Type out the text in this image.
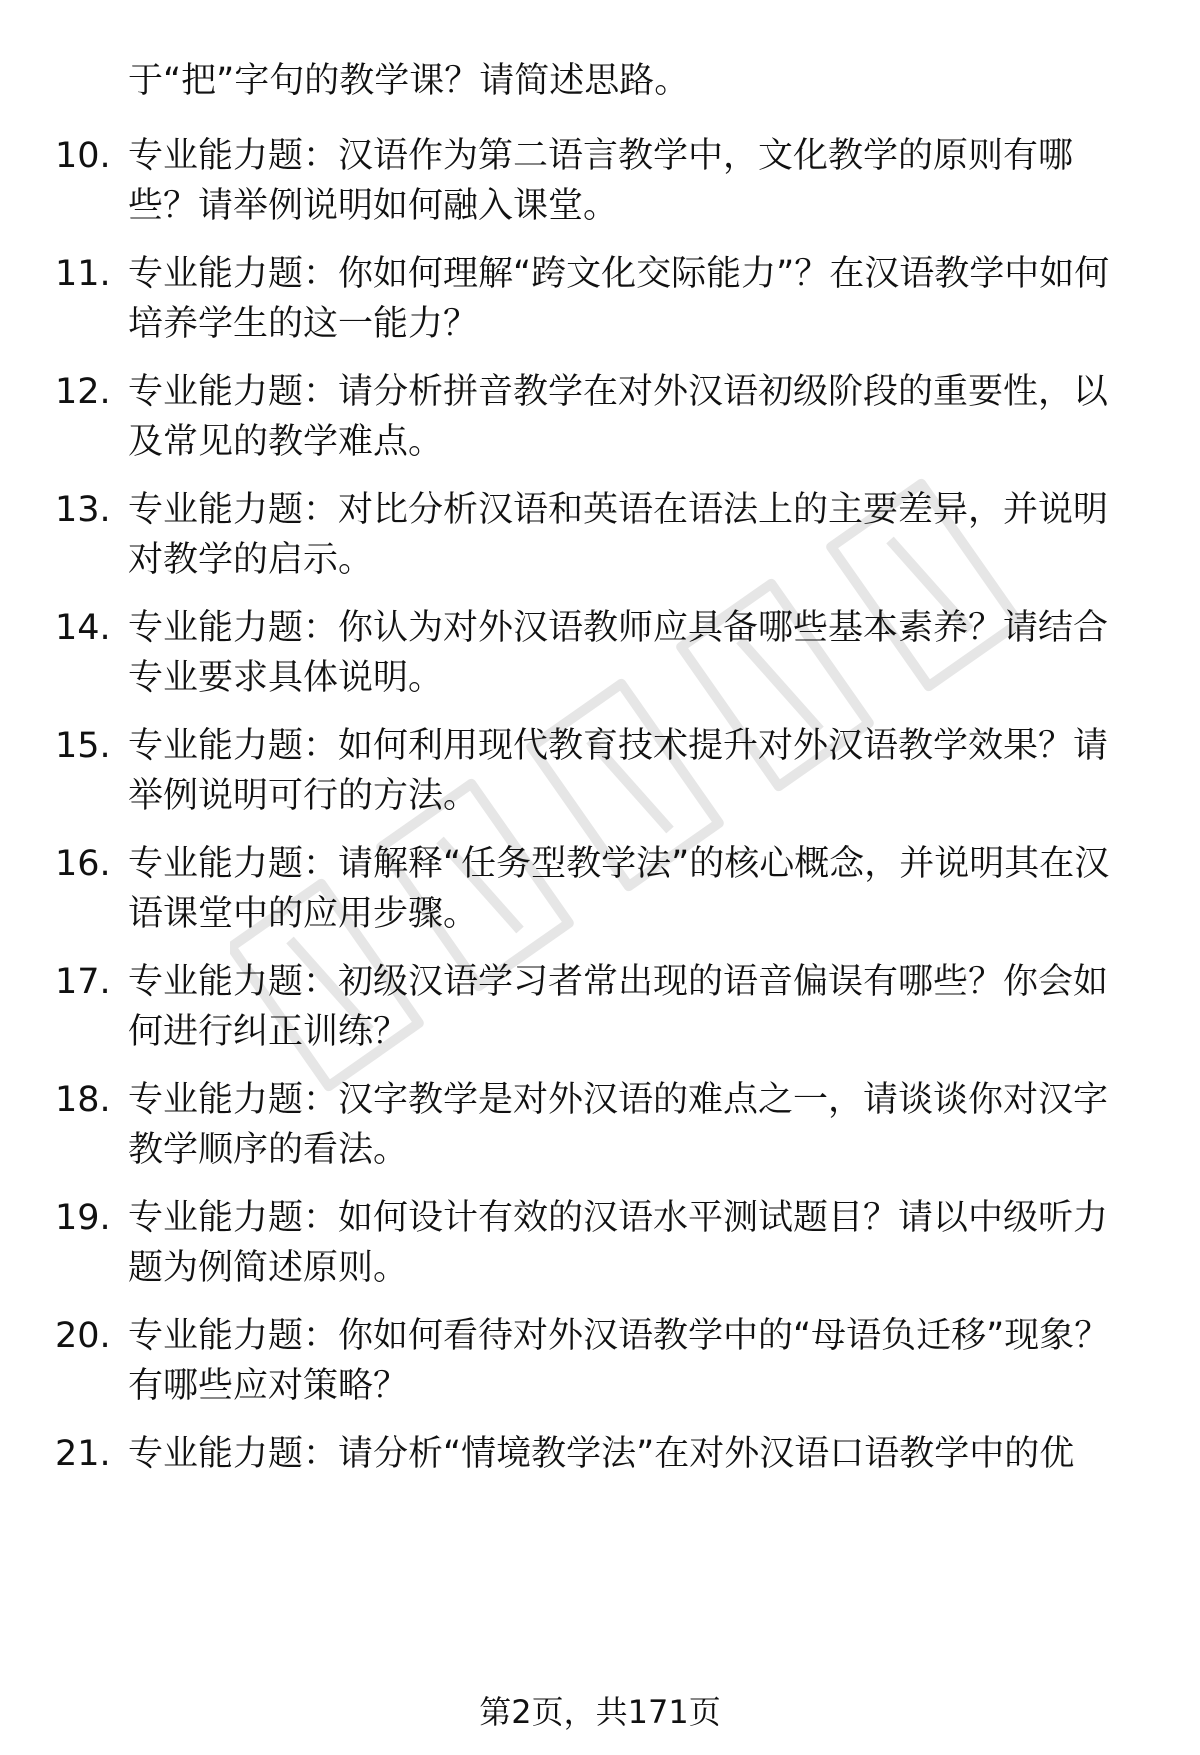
于“把”字句的教学课？请简述思路。

10. 专业能力题：汉语作为第二语言教学中，文化教学的原则有哪些？请举例说明如何融入课堂。
11. 专业能力题：你如何理解“跨文化交际能力”？在汉语教学中如何培养学生的这一能力？
12. 专业能力题：请分析拼音教学在对外汉语初级阶段的重要性，以及常见的教学难点。
13. 专业能力题：对比分析汉语和英语在语法上的主要差异，并说明对教学的启示。
14. 专业能力题：你认为对外汉语教师应具备哪些基本素养？请结合专业要求具体说明。
15. 专业能力题：如何利用现代教育技术提升对外汉语教学效果？请举例说明可行的方法。
16. 专业能力题：请解释“任务型教学法”的核心概念，并说明其在汉语课堂中的应用步骤。
17. 专业能力题：初级汉语学习者常出现的语音偏误有哪些？你会如何进行纠正训练？
18. 专业能力题：汉字教学是对外汉语的难点之一，请谈谈你对汉字教学顺序的看法。
19. 专业能力题：如何设计有效的汉语水平测试题目？请以中级听力题为例简述原则。
20. 专业能力题：你如何看待对外汉语教学中的“母语负迁移”现象？有哪些应对策略？
21. 专业能力题：请分析“情境教学法”在对外汉语口语教学中的优
第2页，共171页
